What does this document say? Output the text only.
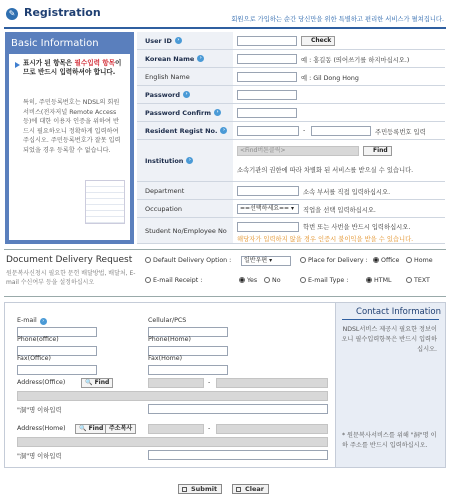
✎ Registration
회원으로 가입하는 순간 당신만을 위한 특별하고 편리한 서비스가 펼쳐집니다.
Basic Information
표시가 된 항목은 필수입력 항목이므로 반드시 입력하셔야 합니다.
특히, 주민등록번호는 NDSL의 회원서비스(전자저널 Remote Access 등)에 대한 이용자 인증을 위하여 반드시 필요하오니 정확하게 입력하여 주십시오. 주민등록번호가 잘못 입력되었을 경우 등록할 수 없습니다.
User ID	›	Check
Korean Name	›	예 : 홍길동 (띄어쓰기를 하지마십시오.)
English Name	예 : Gil Dong Hong
Password	›
Password Confirm	›
Resident Regist No.	›	-	주민등록번호 입력
Institution	›
<Find버튼클릭>	Find
소속기관의 권한에 따라 차별화 된 서비스를 받으실 수 있습니다.
Department	소속 부서를 직접 입력하십시오.
Occupation	==선택하세요== ▾	직업을 선택 입력하십시오.
Student No/Employee No	학번 또는 사번을 반드시 입력하십시오.
해당자가 입력하지 않을 경우 인증시 불이익을 받을 수 있습니다.
Document Delivery Request
원문복사신청시 필요한 문헌 배달방법, 배달처, E-mail 수신여부 등을 설정하십시오
Default Delivery Option :	일반우편 ▾	Place for Delivery :	Office	Home
E-mail Receipt :	Yes	No	E-mail Type :	HTML	TEXT
E-mail ›	Cellular/PCS
Phone(office)	Phone(Home)
Fax(Office)	Fax(Home)
Address(Office)	🔍 Find	-
"洞"명 이하입력
Address(Home)	🔍 Find 주소복사	-
"洞"명 이하입력
Contact Information
NDSL서비스 제공시 필요한 정보이오니 필수입력항목은 반드시 입력하십시오.
* 원문복사서비스를 위해 "洞"명 이하 주소를 반드시 입력하십시오.
Submit	Clear
